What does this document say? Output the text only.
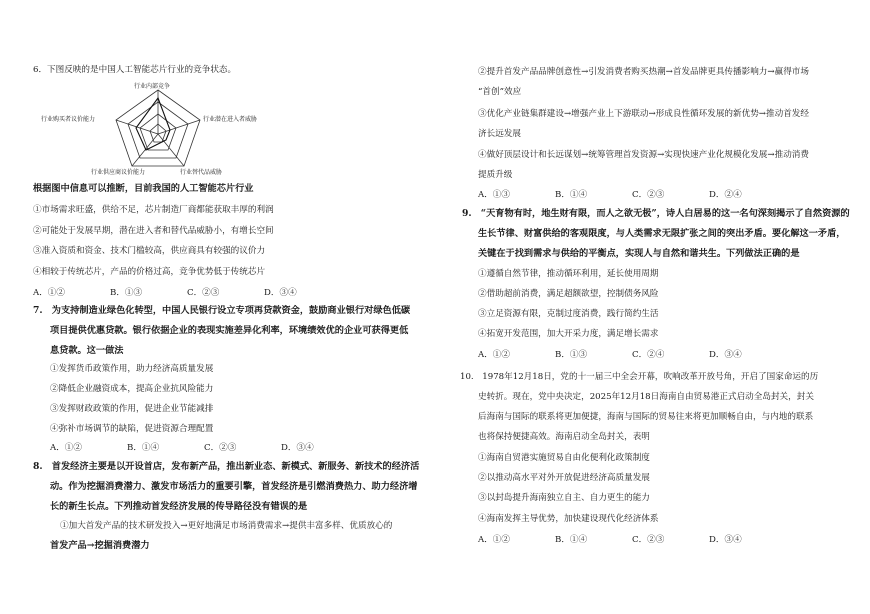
6．下图反映的是中国人工智能芯片行业的竞争状态。
行业内部竞争
行业潜在进入者威胁
行业替代品威胁
行业供应商议价能力
行业购买者议价能力
根据图中信息可以推断，目前我国的人工智能芯片行业
①市场需求旺盛，供给不足，芯片制造厂商都能获取丰厚的利润
②可能处于发展早期，潜在进入者和替代品威胁小，有增长空间
③准入资质和资金、技术门槛较高，供应商具有较强的议价力
④相较于传统芯片，产品的价格过高，竞争优势低于传统芯片
A．①②	B．①③	C．②③	D．③④
7.　为支持制造业绿色化转型，中国人民银行设立专项再贷款资金，鼓励商业银行对绿色低碳
项目提供优惠贷款。银行依据企业的表现实施差异化利率，环境绩效优的企业可获得更低
息贷款。这一做法
①发挥货币政策作用，助力经济高质量发展
②降低企业融资成本，提高企业抗风险能力
③发挥财政政策的作用，促进企业节能减排
④弥补市场调节的缺陷，促进资源合理配置
A．①②	B．①④	C．②③	D．③④
8.　首发经济主要是以开设首店，发布新产品，推出新业态、新模式、新服务、新技术的经济活
动。作为挖掘消费潜力、激发市场活力的重要引擎，首发经济是引燃消费热力、助力经济增
长的新生长点。下列推动首发经济发展的传导路径没有错误的是
①加大首发产品的技术研发投入→更好地满足市场消费需求→提供丰富多样、优质放心的
首发产品→挖掘消费潜力
②提升首发产品品牌创意性→引发消费者购买热潮→首发品牌更具传播影响力→赢得市场
“首创”效应
③优化产业链集群建设→增强产业上下游联动→形成良性循环发展的新优势→推动首发经
济长远发展
④做好顶层设计和长远谋划→统筹管理首发资源→实现快速产业化规模化发展→推动消费
提质升级
A．①③	B．①④	C．②③	D．②④
9.　“天育物有时，地生财有限，而人之欲无极”，诗人白居易的这一名句深刻揭示了自然资源的
生长节律、财富供给的客观限度，与人类需求无限扩张之间的突出矛盾。要化解这一矛盾，
关键在于找到需求与供给的平衡点，实现人与自然和谐共生。下列做法正确的是
①遵循自然节律，推动循环利用，延长使用周期
②借助超前消费，满足超额欲望，控制债务风险
③立足资源有限，克制过度消费，践行简约生活
④拓宽开发范围，加大开采力度，满足增长需求
A．①②	B．①③	C．②④	D．③④
10.　1978年12月18日，党的十一届三中全会开幕，吹响改革开放号角，开启了国家命运的历
史转折。现在，党中央决定，2025年12月18日海南自由贸易港正式启动全岛封关，封关
后海南与国际的联系将更加便捷，海南与国际的贸易往来将更加顺畅自由，与内地的联系
也将保持便捷高效。海南启动全岛封关，表明
①海南自贸港实施贸易自由化便利化政策制度
②以推动高水平对外开放促进经济高质量发展
③以封岛提升海南独立自主、自力更生的能力
④海南发挥主导优势，加快建设现代化经济体系
A．①②	B．①④	C．②③	D．③④
